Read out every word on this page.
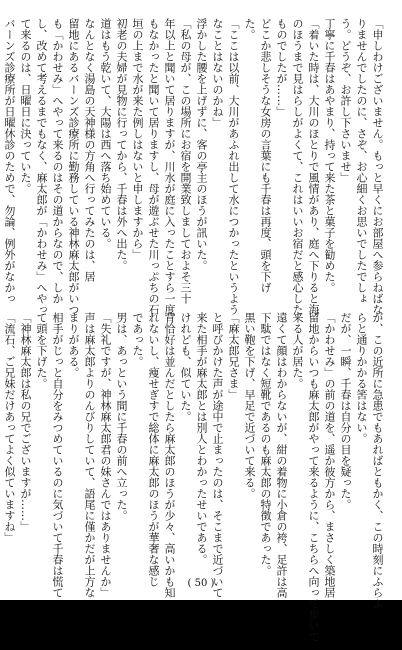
「申しわけございません。もっと早くにお部屋へ参らねばな

りませんでしたのに、さぞ、お心細くお思いでしたでしょ

う。どうぞ、お許し下さいませ」

丁寧に千春はあやまり、持って来た茶と菓子を勧めた。

「着いた時は、大川のほとりで風情があり、庭へ下りると海

のほうまで見はらしがよくて、これはいいお宿だと感心した

ものでしたが……」

どこか悲しそうな女房の言葉にも千春は再度、頭を下げ

た。

「ここは以前、大川があふれ出して水につかったというよう

なことはないのかね」

浮かした腰を上げずに、客の亭主のほうが訊いた。

「私の母が、この場所にお宿を開業致しましておよそ三十

年以上と聞いて居りますが、川水が庭に入ったことすら一度

もなかったと聞いて居りますし、母が遊ぶせた川っぷちの石

垣の上まで水が来た例しはないと申しますから」

初老の夫婦が見物に行ってから、千春は外へ出た。

道はもう乾いて、大陽は西へ落ち始めている。

なんとなく湯島の天神様の方角へ行ってみたのは、居

留地にあるバーンズ診療所に勤務している神林麻太郎がいつ

も「かわせみ」へやって来るのはその道からなので、しか

し、改めて考えるまでもなく、麻太郎が「かわせみ」へやっ

て来るのは、日曜日に決っていた。

バーンズ診療所が日曜休診のためで、勿論、例外がなかっ

が、この近所に急患でもあればともかく、この時刻にふらふ

らと通りかかる筈はない。

だが、一瞬、千春は自分の目を疑った。

「かわせみ」の前の道を、遥か彼方から、まさしく築地居

留地からいつも麻太郎がやって来るように、こちらへ向って歩いて

来る人が居た。

遠くて顔はわからないが、紺の着物に小倉の袴、足許は高

下駄ではなく短靴であるのも麻太郎の特徴であった。

黒い鞄を下げ、早足で近づいて来る。

「麻太郎兄さま」

と呼びかけた声が途中で止まったのは、そこまで近づいて

来た相手が麻太郎とは別人とわかったせいである。

けれども、似ていた。

背恰好は並んだとしたら麻太郎のほうが少々、高いかも知

れないし、痩せぎすで総体に麻太郎のほうが華奢な感じ

であった。

男は、あっという間に千春の前へ立った。

「失礼ですが、神林麻太郎君の妹さんではありませんか」

声は麻太郎よりのんびりしていて、語尾に僅かだが上方な

まりがある。

相手がじっと自分をみつめているのに気づいて千春は慌て

て頭を下げた。

「神林麻太郎は私の兄でございますが……」

「流石、ご兄妹だけあってよく似ていますね」

( 50 )
